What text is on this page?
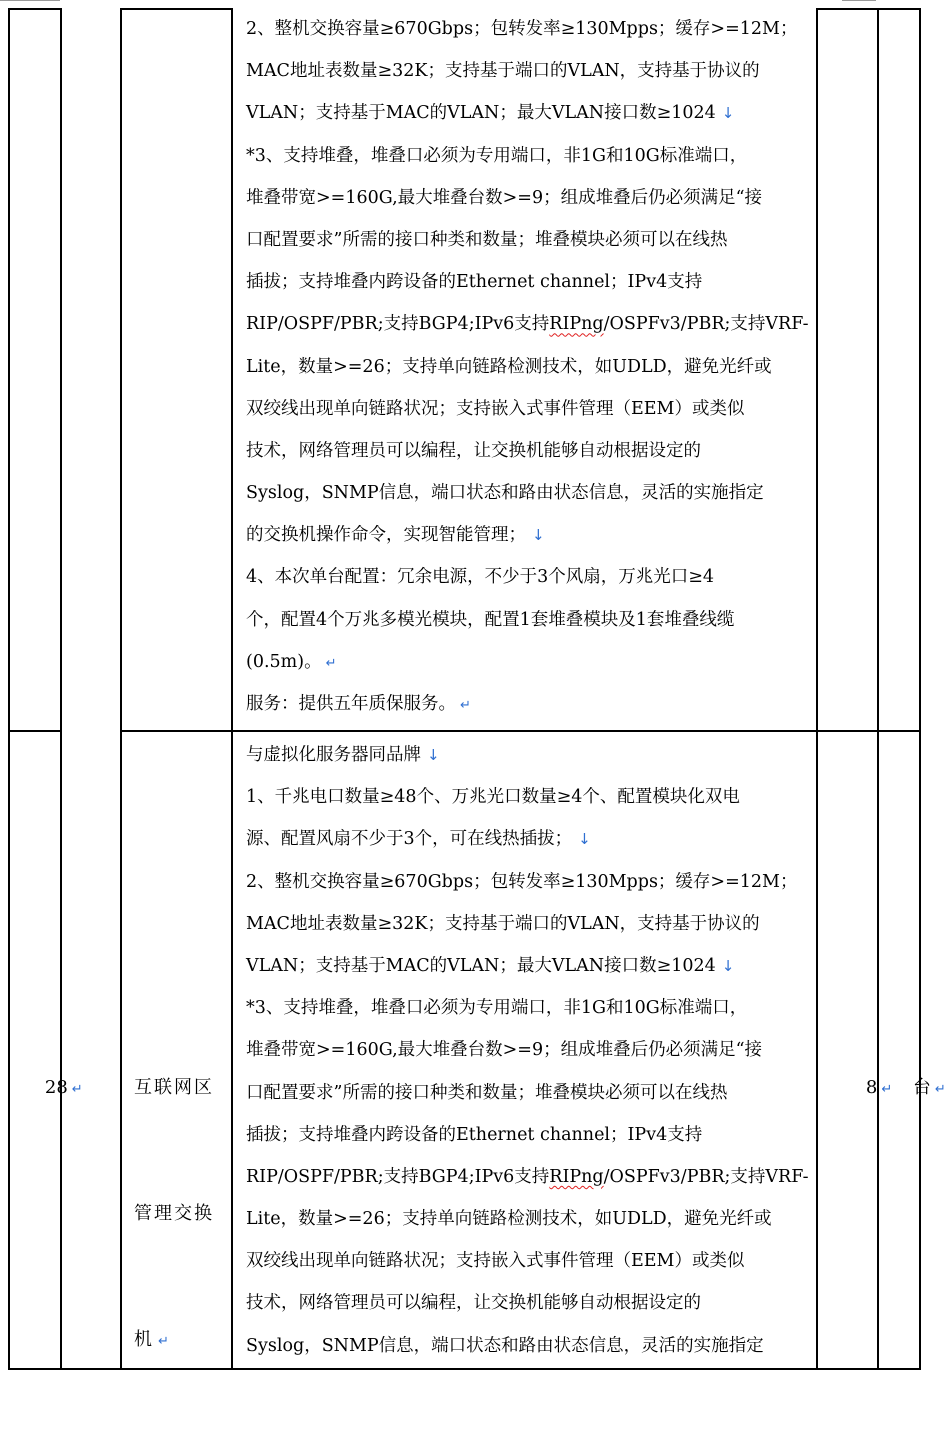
2、整机交换容量≥670Gbps；包转发率≥130Mpps；缓存>=12M；
MAC地址表数量≥32K；支持基于端口的VLAN，支持基于协议的
VLAN；支持基于MAC的VLAN；最大VLAN接口数≥1024 ↓
*3、支持堆叠，堆叠口必须为专用端口，非1G和10G标准端口，
堆叠带宽>=160G,最大堆叠台数>=9；组成堆叠后仍必须满足“接
口配置要求”所需的接口种类和数量；堆叠模块必须可以在线热
插拔；支持堆叠内跨设备的Ethernet channel；IPv4支持
RIP/OSPF/PBR;支持BGP4;IPv6支持RIPng/OSPFv3/PBR;支持VRF-
Lite，数量>=26；支持单向链路检测技术，如UDLD，避免光纤或
双绞线出现单向链路状况；支持嵌入式事件管理（EEM）或类似
技术，网络管理员可以编程，让交换机能够自动根据设定的
Syslog，SNMP信息，端口状态和路由状态信息，灵活的实施指定
的交换机操作命令，实现智能管理； ↓
4、本次单台配置：冗余电源，不少于3个风扇，万兆光口≥4
个，配置4个万兆多模光模块，配置1套堆叠模块及1套堆叠线缆
(0.5m)。 ↵
服务：提供五年质保服务。 ↵

28 ↵

	互联网区

管理交换

机 ↵

与虚拟化服务器同品牌 ↓
1、千兆电口数量≥48个、万兆光口数量≥4个、配置模块化双电
源、配置风扇不少于3个，可在线热插拔； ↓
2、整机交换容量≥670Gbps；包转发率≥130Mpps；缓存>=12M；
MAC地址表数量≥32K；支持基于端口的VLAN，支持基于协议的
VLAN；支持基于MAC的VLAN；最大VLAN接口数≥1024 ↓
*3、支持堆叠，堆叠口必须为专用端口，非1G和10G标准端口，
堆叠带宽>=160G,最大堆叠台数>=9；组成堆叠后仍必须满足“接
口配置要求”所需的接口种类和数量；堆叠模块必须可以在线热
插拔；支持堆叠内跨设备的Ethernet channel；IPv4支持
RIP/OSPF/PBR;支持BGP4;IPv6支持RIPng/OSPFv3/PBR;支持VRF-
Lite，数量>=26；支持单向链路检测技术，如UDLD，避免光纤或
双绞线出现单向链路状况；支持嵌入式事件管理（EEM）或类似
技术，网络管理员可以编程，让交换机能够自动根据设定的
Syslog，SNMP信息，端口状态和路由状态信息，灵活的实施指定

8 ↵
	台 ↵
